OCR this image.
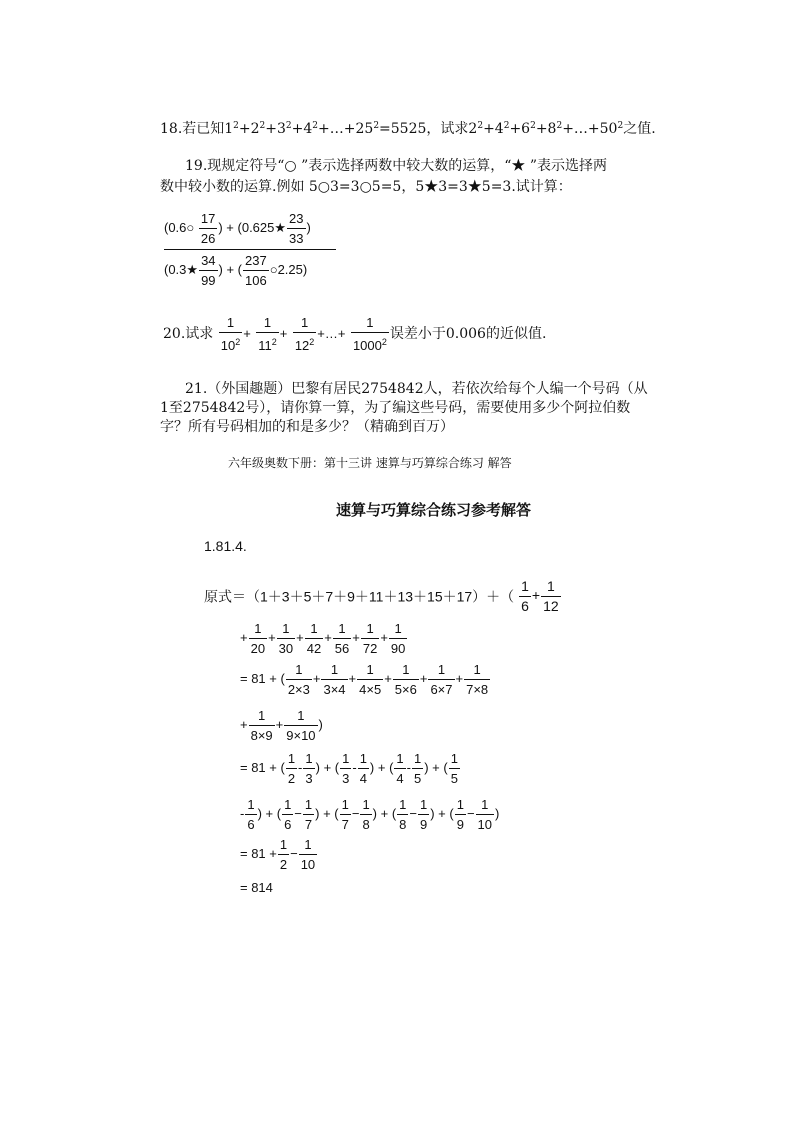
18.若已知$1^2+2^2+3^2+4^2+\dots+25^2=5525$，试求$2^2+4^2+6^2+8^2+\dots+50^2$之值.
19.现规定符号“○ ”表示选择两数中较大数的运算，“★ ”表示选择两
数中较小数的运算.例如 5○3=3○5=5，5★3=3★5=3.试计算：
$\frac{(0.6○ \frac{17}{26} ) + (0.625★ \frac{23}{33} )}{(0.3★ \frac{34}{99} ) + ( \frac{237}{106} ○2.25)}$
20.试求 $\frac{1}{10^2} + \frac{1}{11^2} + \frac{1}{12^2}$ +…+ $\frac{1}{1000^2}$ 误差小于0.006的近似值.
21.（外国趣题）巴黎有居民2754842人，若依次给每个人编一个号码（从
1至2754842号），请你算一算，为了编这些号码，需要使用多少个阿拉伯数
字？所有号码相加的和是多少？（精确到百万）
六年级奥数下册：第十三讲 速算与巧算综合练习 解答
速算与巧算综合练习参考解答
1.81.4.
原式$=(1+3+5+7+9+11+13+15+17)+( \frac{1}{6} + \frac{1}{12}$
+ $\frac{1}{20} + \frac{1}{30} + \frac{1}{42} + \frac{1}{56} + \frac{1}{72} + \frac{1}{90}$
= 81 + ( $\frac{1}{2\times 3} + \frac{1}{3\times 4} + \frac{1}{4\times 5} + \frac{1}{5\times 6} + \frac{1}{6\times 7} + \frac{1}{7\times 8}$
+ $\frac{1}{8\times 9} + \frac{1}{9\times 10}$ )
= 81 + ( $\frac{1}{2} - \frac{1}{3}$ ) + ( $\frac{1}{3} - \frac{1}{4}$ ) + ( $\frac{1}{4} - \frac{1}{5}$ ) + ( $\frac{1}{5}$
- $\frac{1}{6}$ ) + ( $\frac{1}{6} - \frac{1}{7}$ ) + ( $\frac{1}{7} - \frac{1}{8}$ ) + ( $\frac{1}{8} - \frac{1}{9}$ ) + ( $\frac{1}{9} - \frac{1}{10}$ )
= $81 + \frac{1}{2} - \frac{1}{10}$
= 814
